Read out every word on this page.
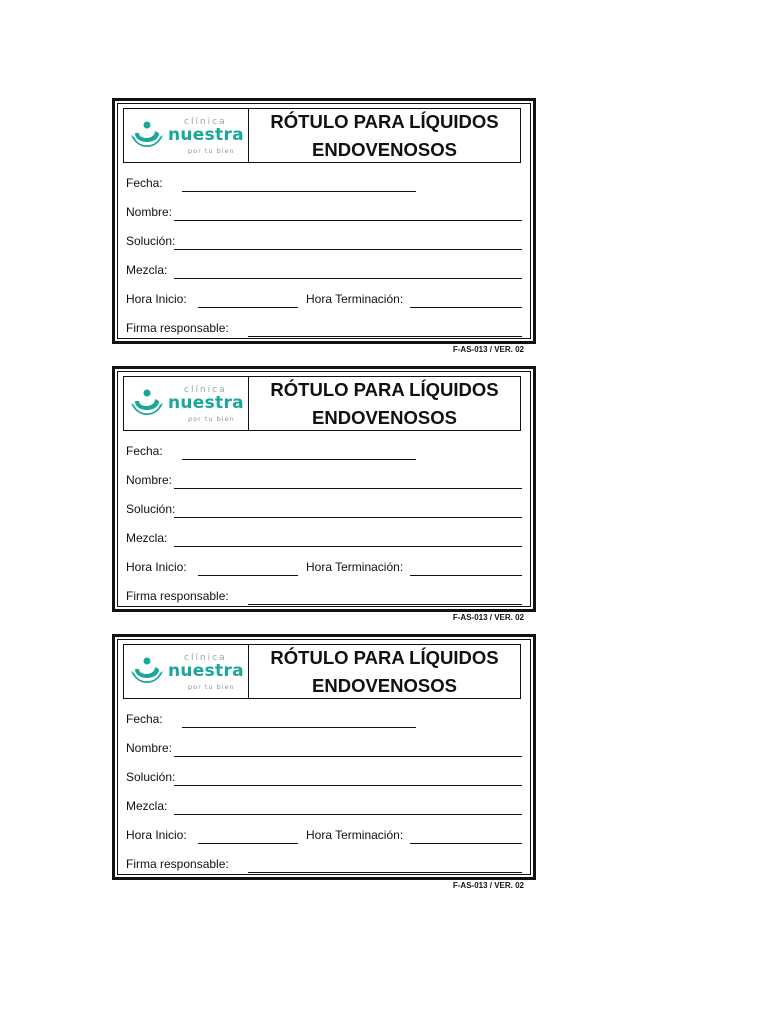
clínica
nuestra
por tu bien
RÓTULO PARA LÍQUIDOS
ENDOVENOSOS
Fecha:
Nombre:
Solución:
Mezcla:
Hora Inicio:	Hora Terminación:
Firma responsable:
F-AS-013 / VER. 02
clínica
nuestra
por tu bien
RÓTULO PARA LÍQUIDOS
ENDOVENOSOS
Fecha:
Nombre:
Solución:
Mezcla:
Hora Inicio:	Hora Terminación:
Firma responsable:
F-AS-013 / VER. 02
clínica
nuestra
por tu bien
RÓTULO PARA LÍQUIDOS
ENDOVENOSOS
Fecha:
Nombre:
Solución:
Mezcla:
Hora Inicio:	Hora Terminación:
Firma responsable:
F-AS-013 / VER. 02
